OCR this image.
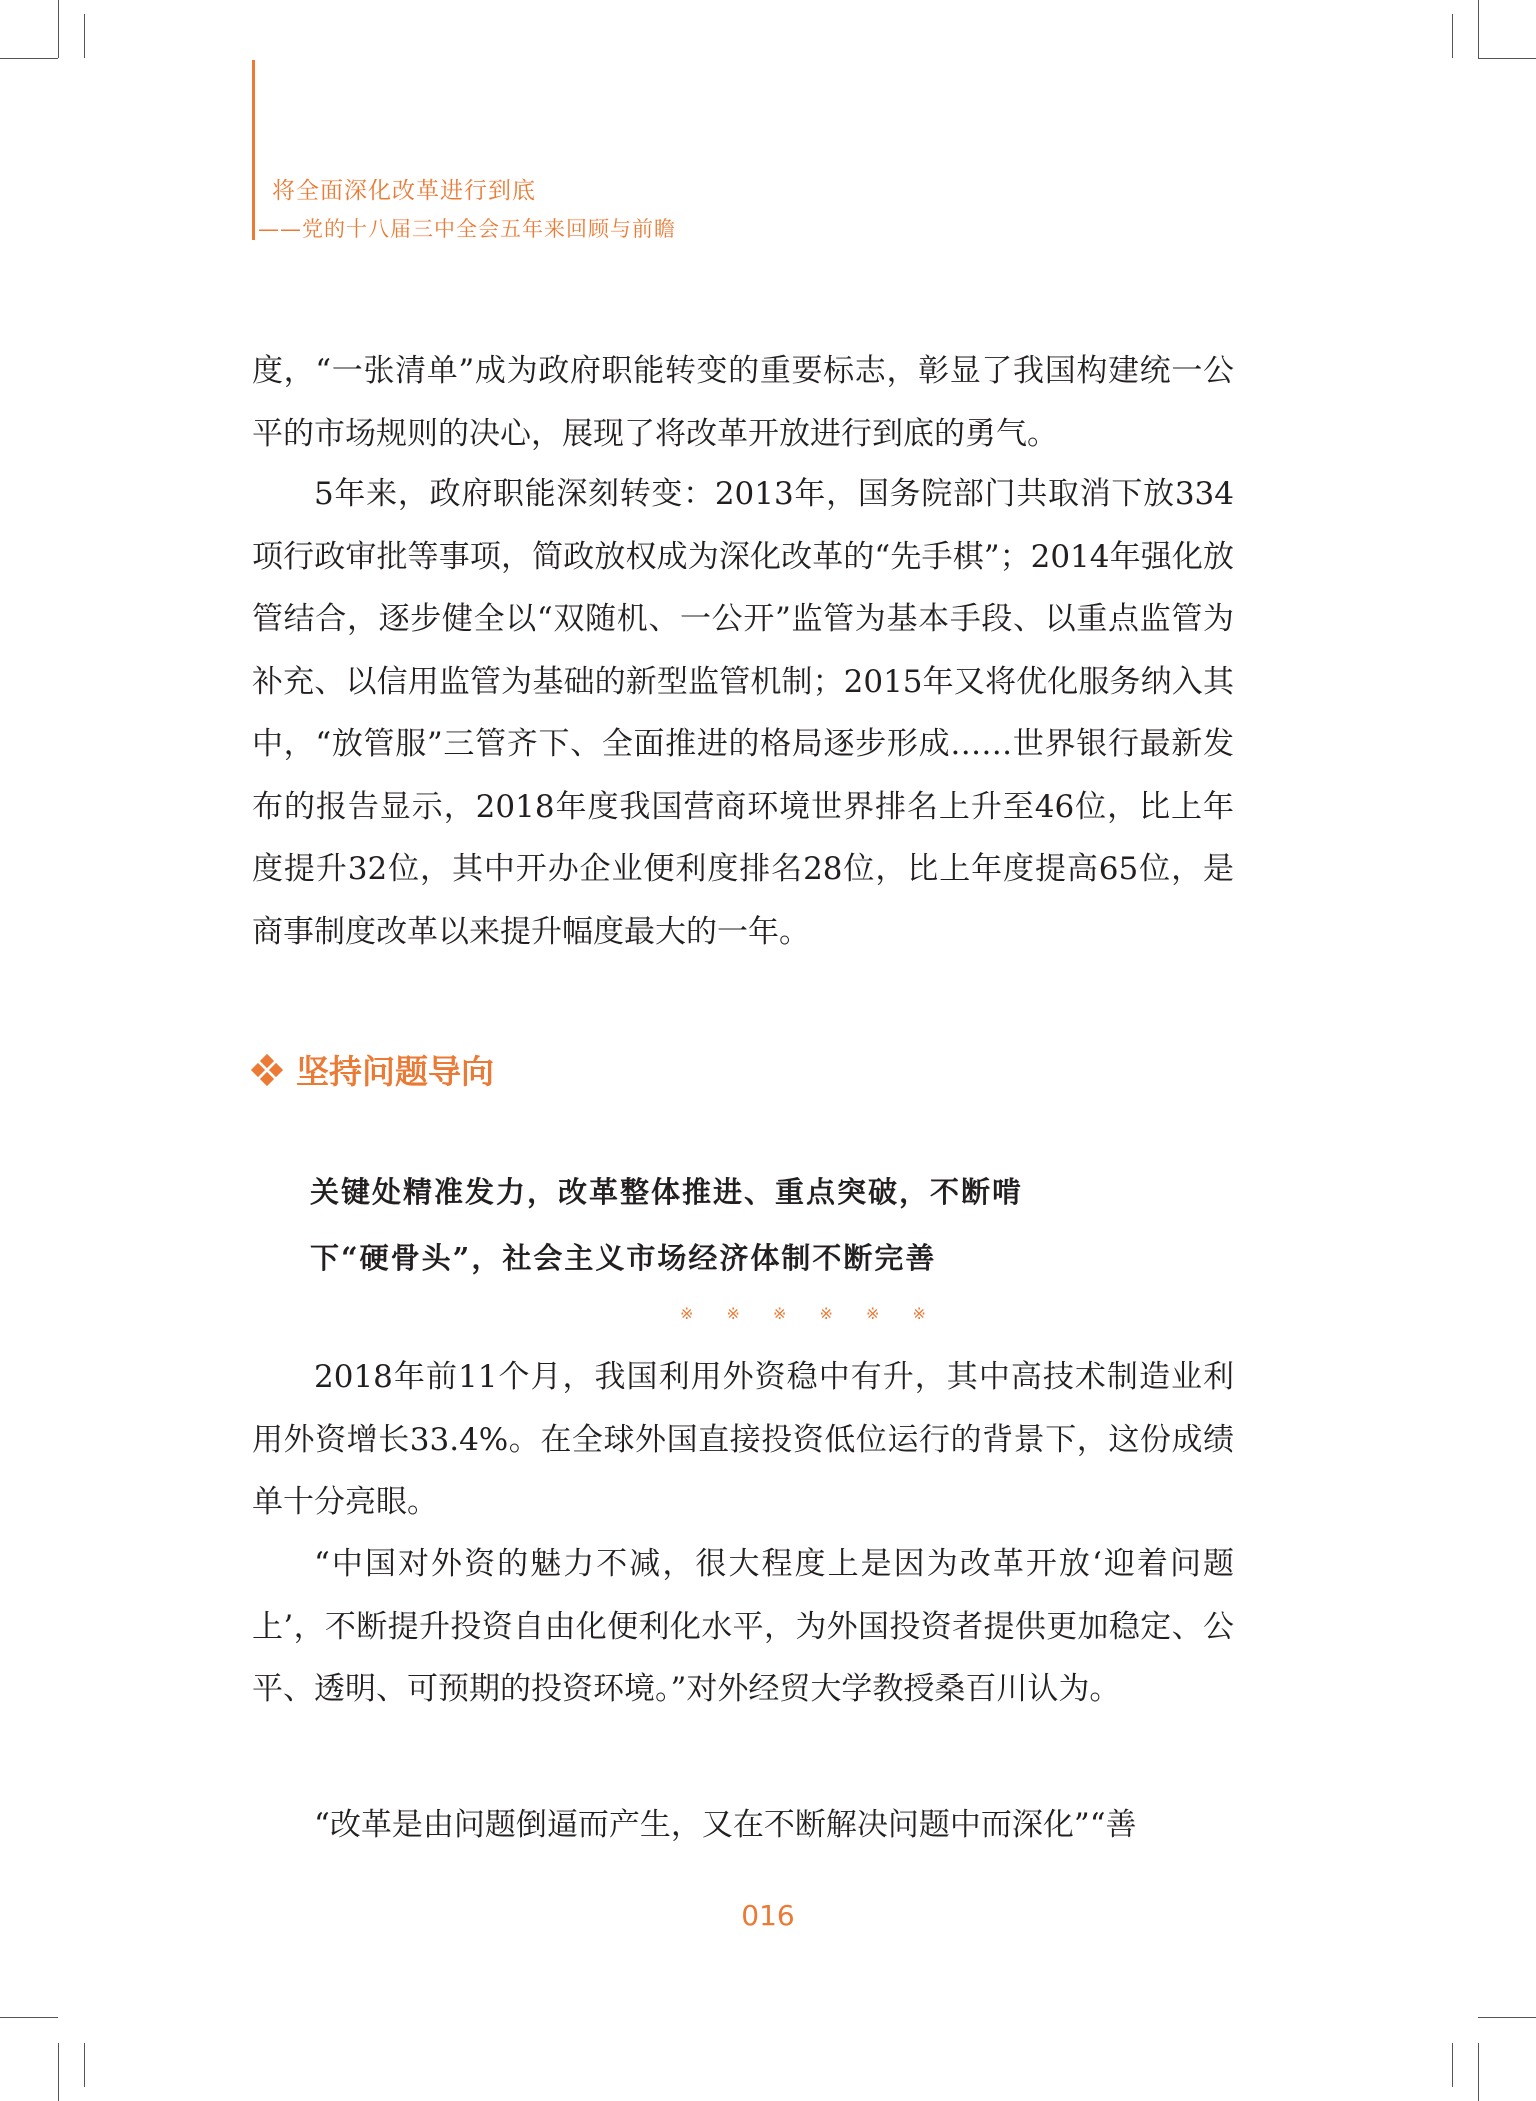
将全面深化改革进行到底
——党的十八届三中全会五年来回顾与前瞻

度，“一张清单”成为政府职能转变的重要标志，彰显了我国构建统一公平的市场规则的决心，展现了将改革开放进行到底的勇气。

5年来，政府职能深刻转变：2013年，国务院部门共取消下放334项行政审批等事项，简政放权成为深化改革的“先手棋”；2014年强化放管结合，逐步健全以“双随机、一公开”监管为基本手段、以重点监管为补充、以信用监管为基础的新型监管机制；2015年又将优化服务纳入其中，“放管服”三管齐下、全面推进的格局逐步形成……世界银行最新发布的报告显示，2018年度我国营商环境世界排名上升至46位，比上年度提升32位，其中开办企业便利度排名28位，比上年度提高65位，是商事制度改革以来提升幅度最大的一年。

坚持问题导向

关键处精准发力，改革整体推进、重点突破，不断啃

下“硬骨头”，社会主义市场经济体制不断完善

※ ※ ※ ※ ※ ※

2018年前11个月，我国利用外资稳中有升，其中高技术制造业利用外资增长33.4%。在全球外国直接投资低位运行的背景下，这份成绩单十分亮眼。

“中国对外资的魅力不减，很大程度上是因为改革开放‘迎着问题上’，不断提升投资自由化便利化水平，为外国投资者提供更加稳定、公平、透明、可预期的投资环境。”对外经贸大学教授桑百川认为。

“改革是由问题倒逼而产生，又在不断解决问题中而深化”“善

016
